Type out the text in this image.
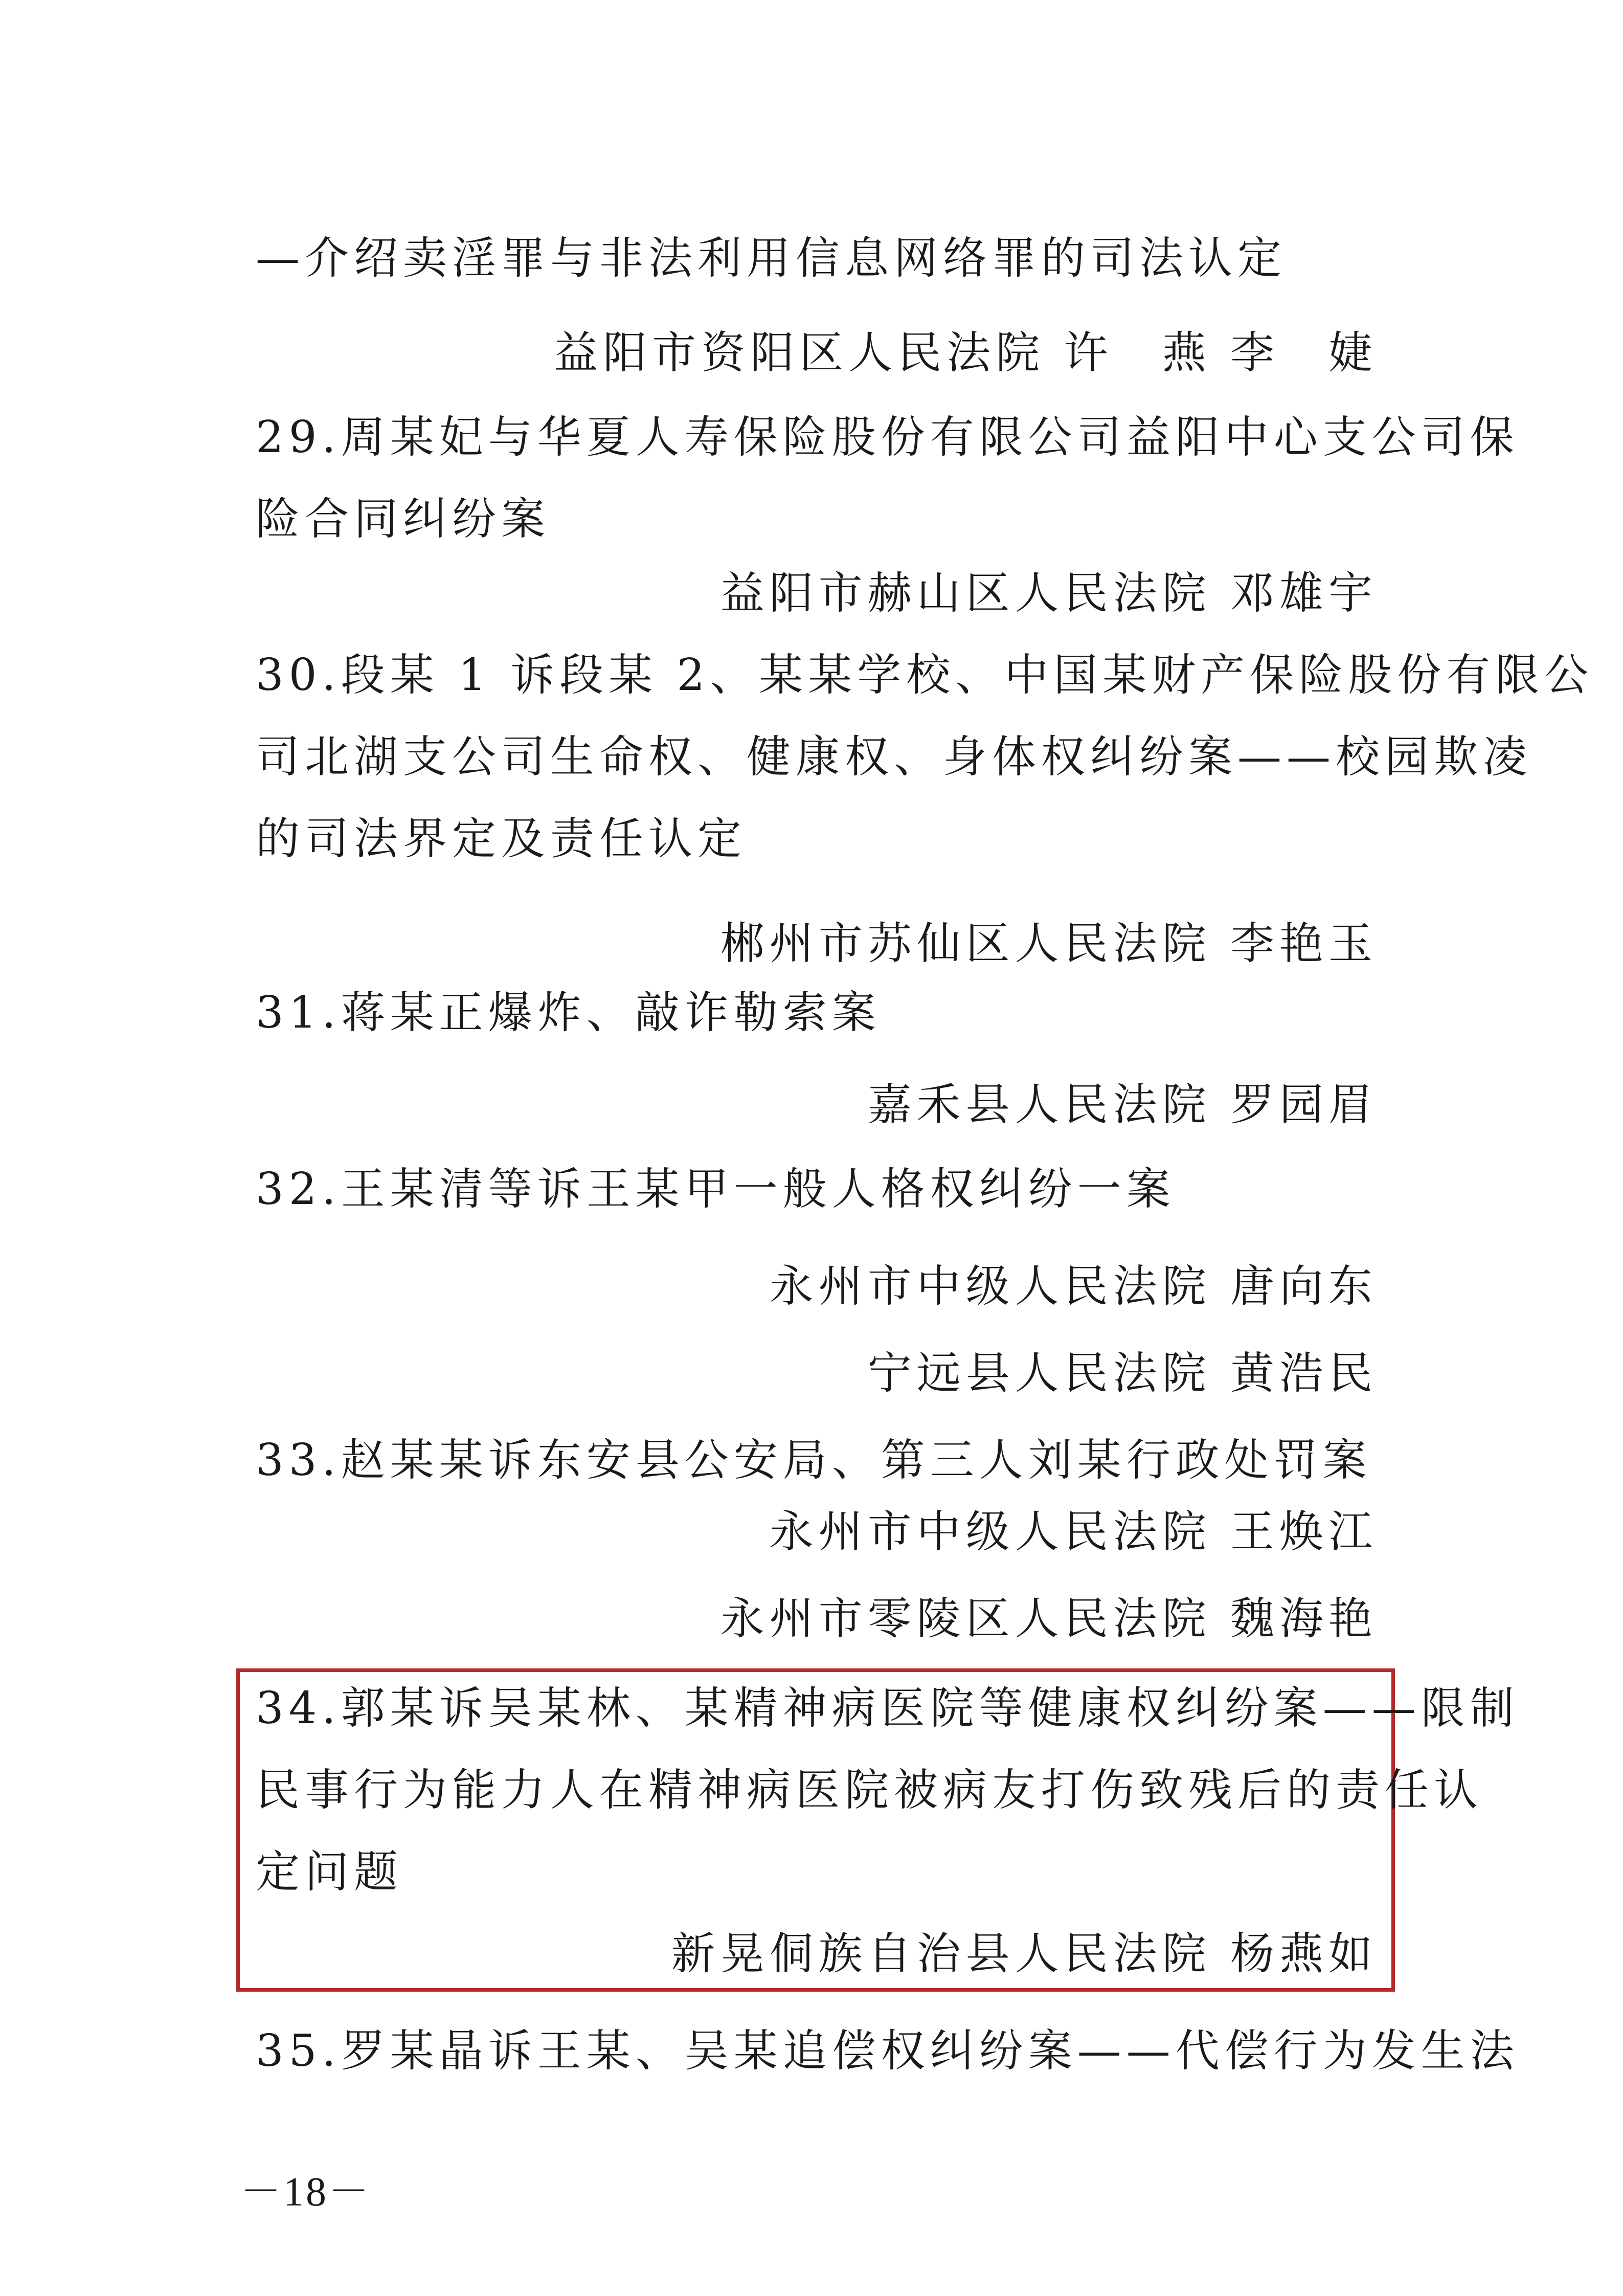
—介绍卖淫罪与非法利用信息网络罪的司法认定
益阳市资阳区人民法院 许　燕 李　婕
29.周某妃与华夏人寿保险股份有限公司益阳中心支公司保
险合同纠纷案
益阳市赫山区人民法院 邓雄宇
30.段某 1 诉段某 2、某某学校、中国某财产保险股份有限公
司北湖支公司生命权、健康权、身体权纠纷案——校园欺凌
的司法界定及责任认定
郴州市苏仙区人民法院 李艳玉
31.蒋某正爆炸、敲诈勒索案
嘉禾县人民法院 罗园眉
32.王某清等诉王某甲一般人格权纠纷一案
永州市中级人民法院 唐向东
宁远县人民法院 黄浩民
33.赵某某诉东安县公安局、第三人刘某行政处罚案
永州市中级人民法院 王焕江
永州市零陵区人民法院 魏海艳
34.郭某诉吴某林、某精神病医院等健康权纠纷案——限制
民事行为能力人在精神病医院被病友打伤致残后的责任认
定问题
新晃侗族自治县人民法院 杨燕如
35.罗某晶诉王某、吴某追偿权纠纷案——代偿行为发生法
－18－
